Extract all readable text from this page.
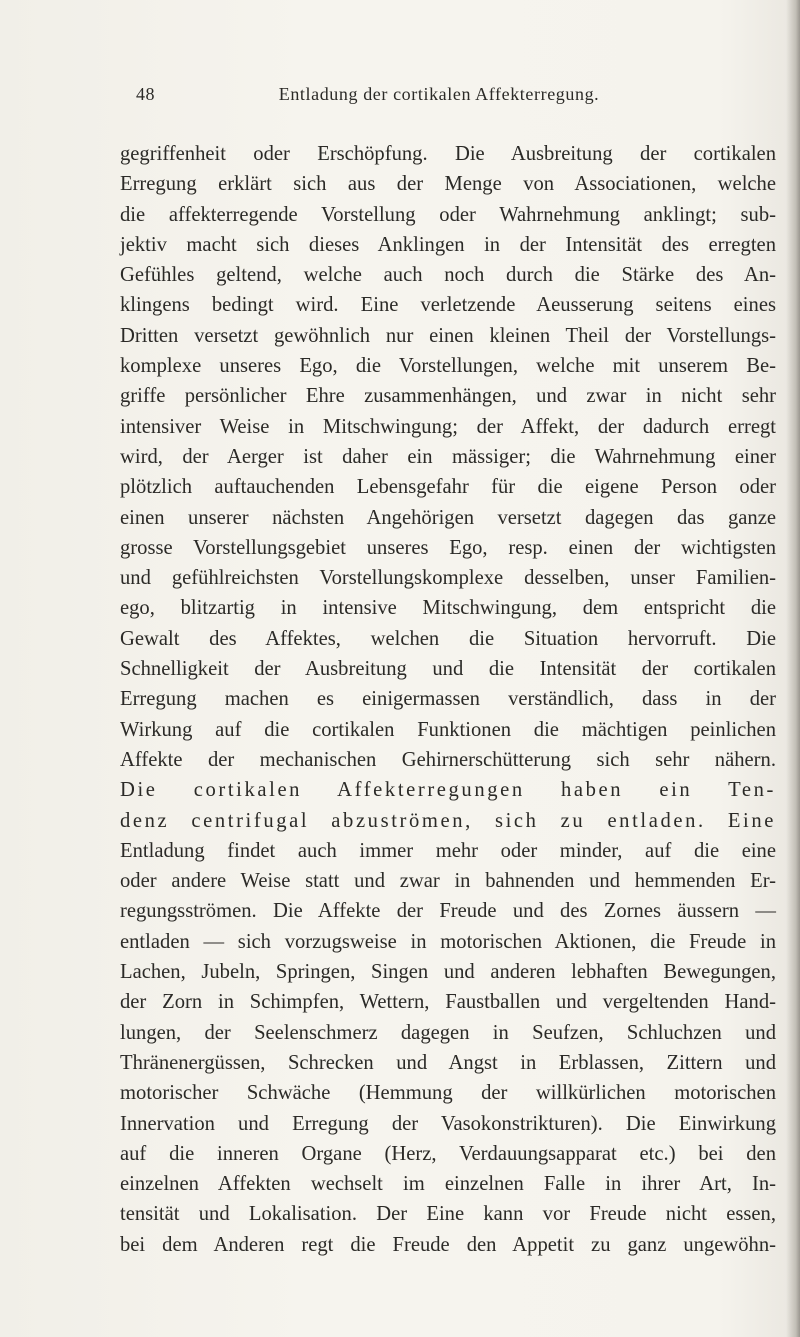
48	Entladung der cortikalen Affekterregung.
gegriffenheit oder Erschöpfung. Die Ausbreitung der cortikalen
Erregung erklärt sich aus der Menge von Associationen, welche
die affekterregende Vorstellung oder Wahrnehmung anklingt; sub-
jektiv macht sich dieses Anklingen in der Intensität des erregten
Gefühles geltend, welche auch noch durch die Stärke des An-
klingens bedingt wird. Eine verletzende Aeusserung seitens eines
Dritten versetzt gewöhnlich nur einen kleinen Theil der Vorstellungs-
komplexe unseres Ego, die Vorstellungen, welche mit unserem Be-
griffe persönlicher Ehre zusammenhängen, und zwar in nicht sehr
intensiver Weise in Mitschwingung; der Affekt, der dadurch erregt
wird, der Aerger ist daher ein mässiger; die Wahrnehmung einer
plötzlich auftauchenden Lebensgefahr für die eigene Person oder
einen unserer nächsten Angehörigen versetzt dagegen das ganze
grosse Vorstellungsgebiet unseres Ego, resp. einen der wichtigsten
und gefühlreichsten Vorstellungskomplexe desselben, unser Familien-
ego, blitzartig in intensive Mitschwingung, dem entspricht die
Gewalt des Affektes, welchen die Situation hervorruft. Die
Schnelligkeit der Ausbreitung und die Intensität der cortikalen
Erregung machen es einigermassen verständlich, dass in der
Wirkung auf die cortikalen Funktionen die mächtigen peinlichen
Affekte der mechanischen Gehirnerschütterung sich sehr nähern.
Die cortikalen Affekterregungen haben ein Ten-
denz centrifugal abzuströmen, sich zu entladen. Eine
Entladung findet auch immer mehr oder minder, auf die eine
oder andere Weise statt und zwar in bahnenden und hemmenden Er-
regungsströmen. Die Affekte der Freude und des Zornes äussern —
entladen — sich vorzugsweise in motorischen Aktionen, die Freude in
Lachen, Jubeln, Springen, Singen und anderen lebhaften Bewegungen,
der Zorn in Schimpfen, Wettern, Faustballen und vergeltenden Hand-
lungen, der Seelenschmerz dagegen in Seufzen, Schluchzen und
Thränenergüssen, Schrecken und Angst in Erblassen, Zittern und
motorischer Schwäche (Hemmung der willkürlichen motorischen
Innervation und Erregung der Vasokonstrikturen). Die Einwirkung
auf die inneren Organe (Herz, Verdauungsapparat etc.) bei den
einzelnen Affekten wechselt im einzelnen Falle in ihrer Art, In-
tensität und Lokalisation. Der Eine kann vor Freude nicht essen,
bei dem Anderen regt die Freude den Appetit zu ganz ungewöhn-
